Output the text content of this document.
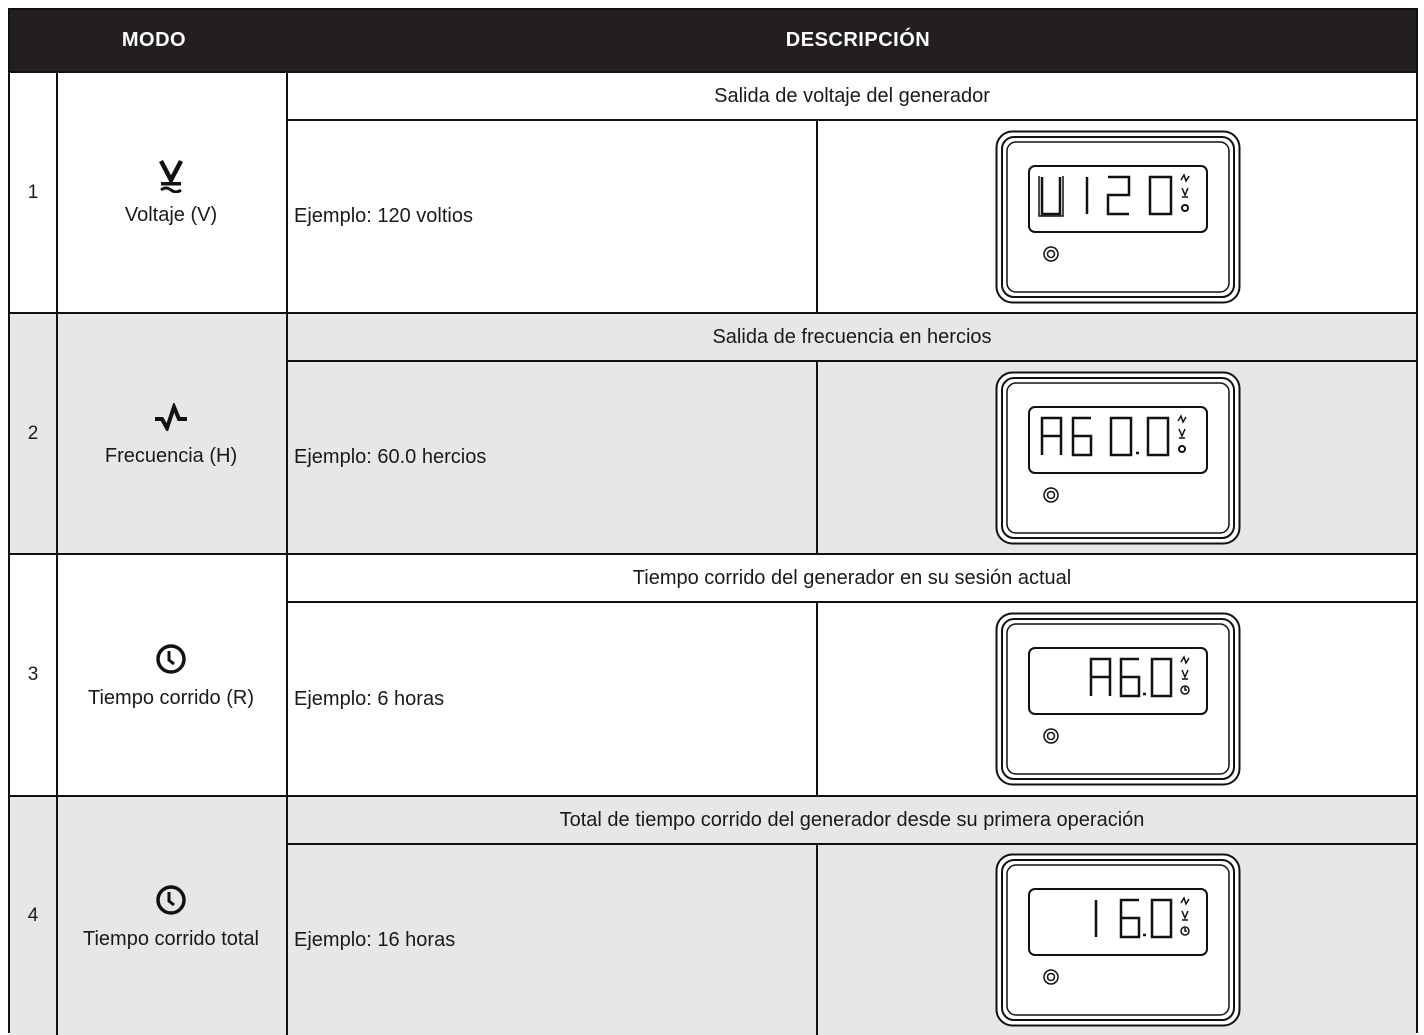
MODO	DESCRIPCIÓN
1
Voltaje (V)
Salida de voltaje del generador
Ejemplo: 120 voltios
2
Frecuencia (H)
Salida de frecuencia en hercios
Ejemplo: 60.0 hercios
3
Tiempo corrido (R)
Tiempo corrido del generador en su sesión actual
Ejemplo: 6 horas
4
Tiempo corrido total
Total de tiempo corrido del generador desde su primera operación
Ejemplo: 16 horas
